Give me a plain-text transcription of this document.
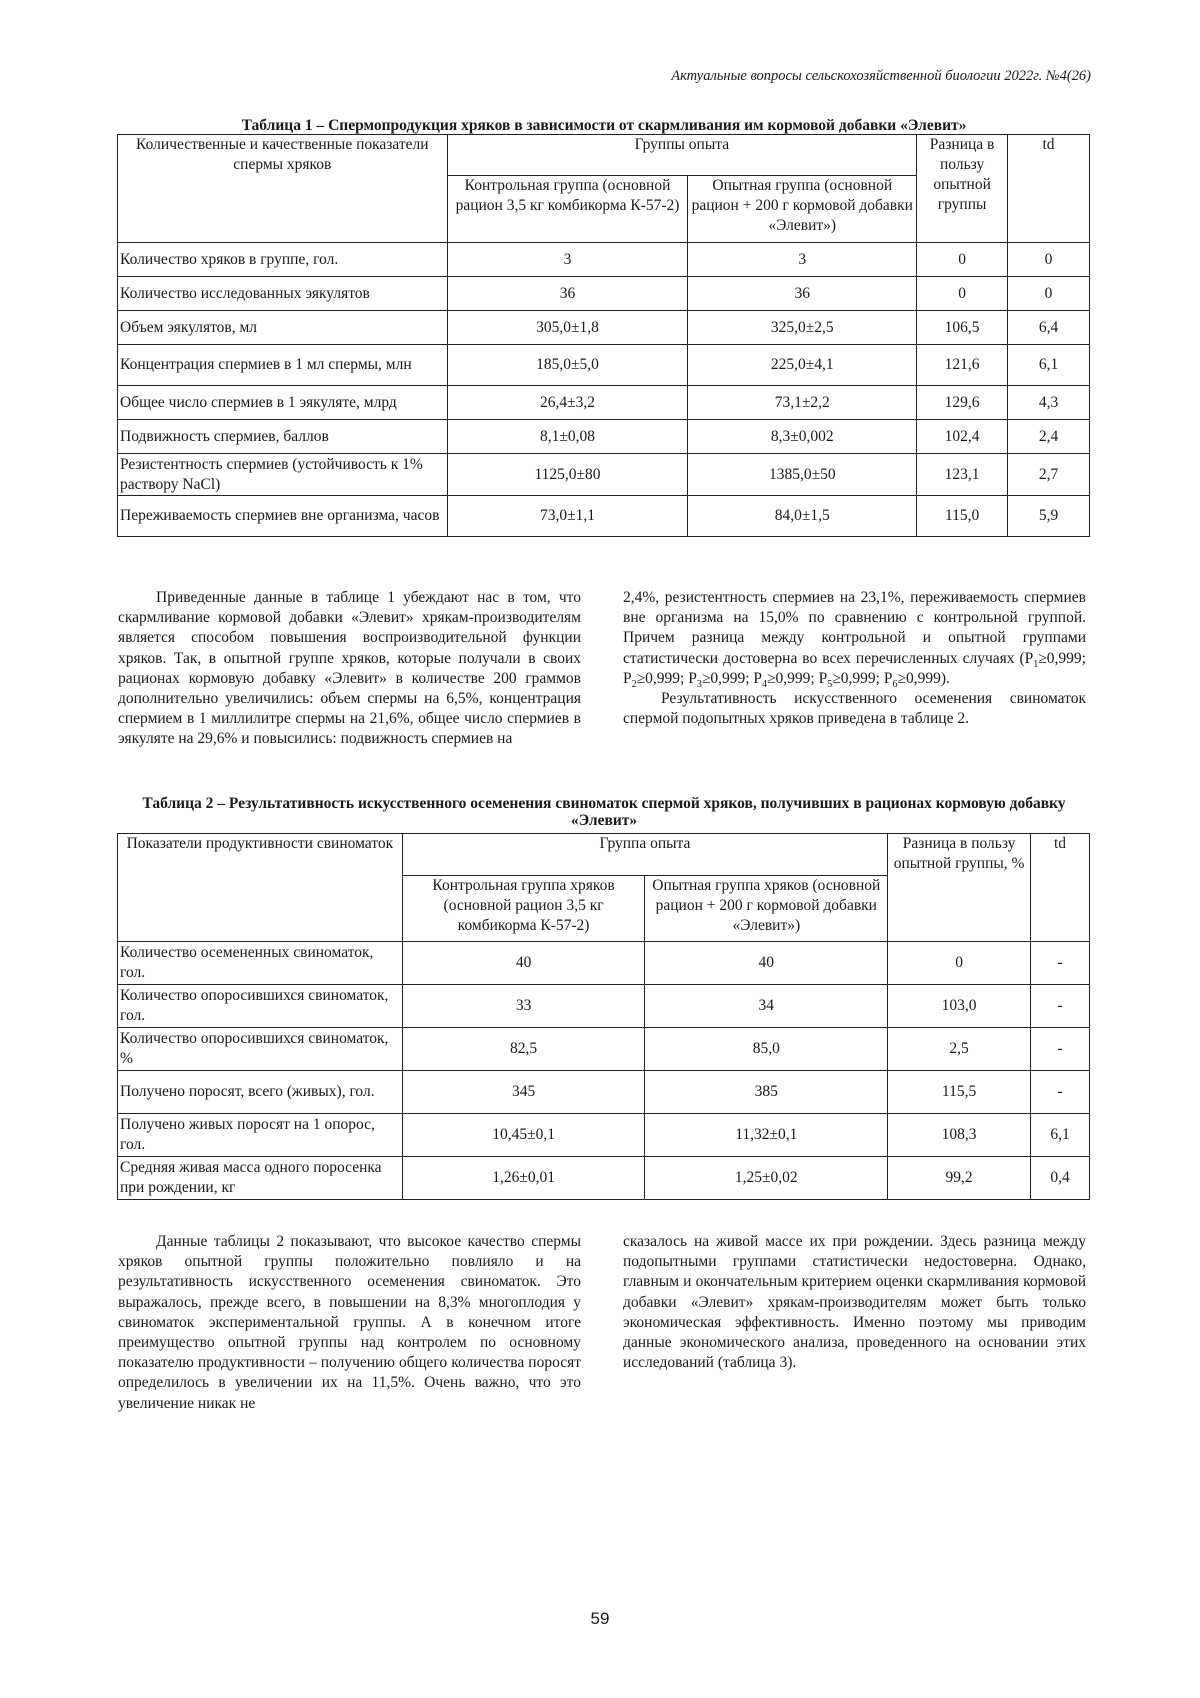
Актуальные вопросы сельскохозяйственной биологии 2022г. №4(26)
Таблица 1 – Спермопродукция хряков в зависимости от скармливания им кормовой добавки «Элевит»
Количественные и качественные показатели спермы хряков	Группы опыта		Разница в пользу опытной группы	td
	Контрольная группа (основной рацион 3,5 кг комбикорма К-57-2)	Опытная группа (основной рацион + 200 г кормовой добавки «Элевит»)		
Количество хряков в группе, гол.	3	3	0	0
Количество исследованных эякулятов	36	36	0	0
Объем эякулятов, мл	305,0±1,8	325,0±2,5	106,5	6,4
Концентрация спермиев в 1 мл спермы, млн	185,0±5,0	225,0±4,1	121,6	6,1
Общее число спермиев в 1 эякуляте, млрд	26,4±3,2	73,1±2,2	129,6	4,3
Подвижность спермиев, баллов	8,1±0,08	8,3±0,002	102,4	2,4
Резистентность спермиев (устойчивость к 1% раствору NaCl)	1125,0±80	1385,0±50	123,1	2,7
Переживаемость спермиев вне организма, часов	73,0±1,1	84,0±1,5	115,0	5,9

Приведенные данные в таблице 1 убеждают нас в том, что скармливание кормовой добавки «Элевит» хрякам-производителям является способом повышения воспроизводительной функции хряков. Так, в опытной группе хряков, которые получали в своих рационах кормовую добавку «Элевит» в количестве 200 граммов дополнительно увеличились: объем спермы на 6,5%, концентрация спермием в 1 миллилитре спермы на 21,6%, общее число спермиев в эякуляте на 29,6% и повысились: подвижность спермиев на

2,4%, резистентность спермиев на 23,1%, переживаемость спермиев вне организма на 15,0% по сравнению с контрольной группой. Причем разница между контрольной и опытной группами статистически достоверна во всех перечисленных случаях ($P_1\ge 0,999$; $P_2\ge 0,999$; $P_3\ge 0,999$; $P_4\ge 0,999$; $P_5\ge 0,999$; $P_6\ge 0,999$).

Результативность искусственного осеменения свиноматок спермой подопытных хряков приведена в таблице 2.

Таблица 2 – Результативность искусственного осеменения свиноматок спермой хряков, получивших в рационах кормовую добавку «Элевит»
Показатели продуктивности свиноматок	Группа опыта		Разница в пользу опытной группы, %	td
	Контрольная группа хряков (основной рацион 3,5 кг комбикорма К-57-2)	Опытная группа хряков (основной рацион + 200 г кормовой добавки «Элевит»)		
Количество осемененных свиноматок, гол.	40	40	0	-
Количество опоросившихся свиноматок, гол.	33	34	103,0	-
Количество опоросившихся свиноматок, %	82,5	85,0	2,5	-
Получено поросят, всего (живых), гол.	345	385	115,5	-
Получено живых поросят на 1 опорос, гол.	10,45±0,1	11,32±0,1	108,3	6,1
Средняя живая масса одного поросенка при рождении, кг	1,26±0,01	1,25±0,02	99,2	0,4

Данные таблицы 2 показывают, что высокое качество спермы хряков опытной группы положительно повлияло и на результативность искусственного осеменения свиноматок. Это выражалось, прежде всего, в повышении на 8,3% многоплодия у свиноматок экспериментальной группы. А в конечном итоге преимущество опытной группы над контролем по основному показателю продуктивности – получению общего количества поросят определилось в увеличении их на 11,5%. Очень важно, что это увеличение никак не

сказалось на живой массе их при рождении. Здесь разница между подопытными группами статистически недостоверна. Однако, главным и окончательным критерием оценки скармливания кормовой добавки «Элевит» хрякам-производителям может быть только экономическая эффективность. Именно поэтому мы приводим данные экономического анализа, проведенного на основании этих исследований (таблица 3).

59
